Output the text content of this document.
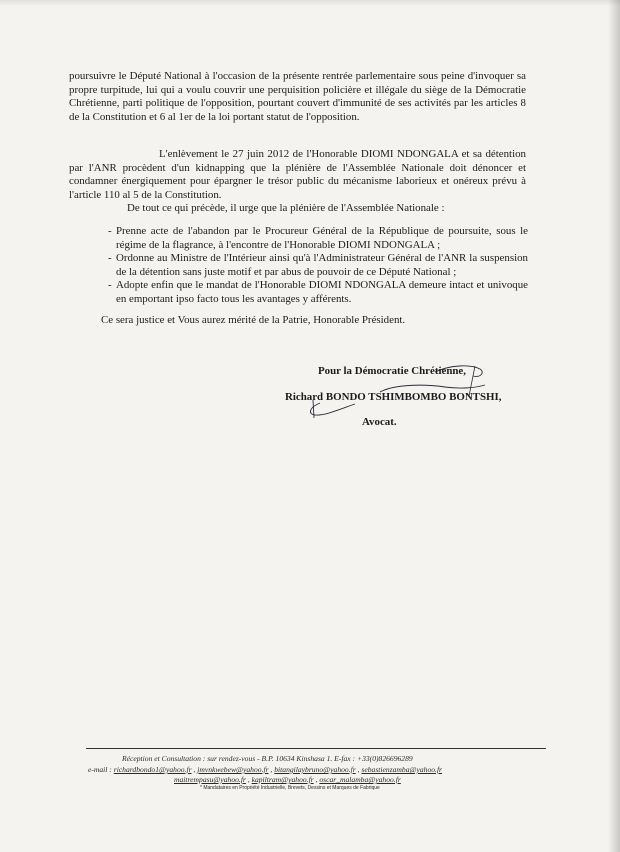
poursuivre le Député National à l'occasion de la présente rentrée parlementaire sous peine d'invoquer sa propre turpitude, lui qui a voulu couvrir une perquisition policière et illégale du siège de la Démocratie Chrétienne, parti politique de l'opposition, pourtant couvert d'immunité de ses activités par les articles 8 de la Constitution et 6 al 1er de la loi portant statut de l'opposition.

L'enlèvement le 27 juin 2012 de l'Honorable DIOMI NDONGALA et sa détention par l'ANR procèdent d'un kidnapping que la plénière de l'Assemblée Nationale doit dénoncer et condamner énergiquement pour épargner le trésor public du mécanisme laborieux et onéreux prévu à l'article 110 al 5 de la Constitution.

De tout ce qui précède, il urge que la plénière de l'Assemblée Nationale :

- Prenne acte de l'abandon par le Procureur Général de la République de poursuite, sous le régime de la flagrance, à l'encontre de l'Honorable DIOMI NDONGALA ;
- Ordonne au Ministre de l'Intérieur ainsi qu'à l'Administrateur Général de l'ANR la suspension de la détention sans juste motif et par abus de pouvoir de ce Député National ;
- Adopte enfin que le mandat de l'Honorable DIOMI NDONGALA demeure intact et univoque en emportant ipso facto tous les avantages y afférents.

Ce sera justice et Vous aurez mérité de la Patrie, Honorable Président.

Pour la Démocratie Chrétienne,
Richard BONDO TSHIMBOMBO BONTSHI,
Avocat.
Réception et Consultation : sur rendez-vous - B.P. 10634 Kinshasa 1. E-fax : +33(0)826696289
e-mail : richardbondo1@yahoo.fr , jmvnkwebew@yahoo.fr , bitangilaybruno@yahoo.fr , sebastienzamba@yahoo.fr
maitrempasu@yahoo.fr , kapiltram@yahoo.fr , oscar_malamba@yahoo.fr
* Mandataires en Propriété Industrielle, Brevets, Dessins et Marques de Fabrique
